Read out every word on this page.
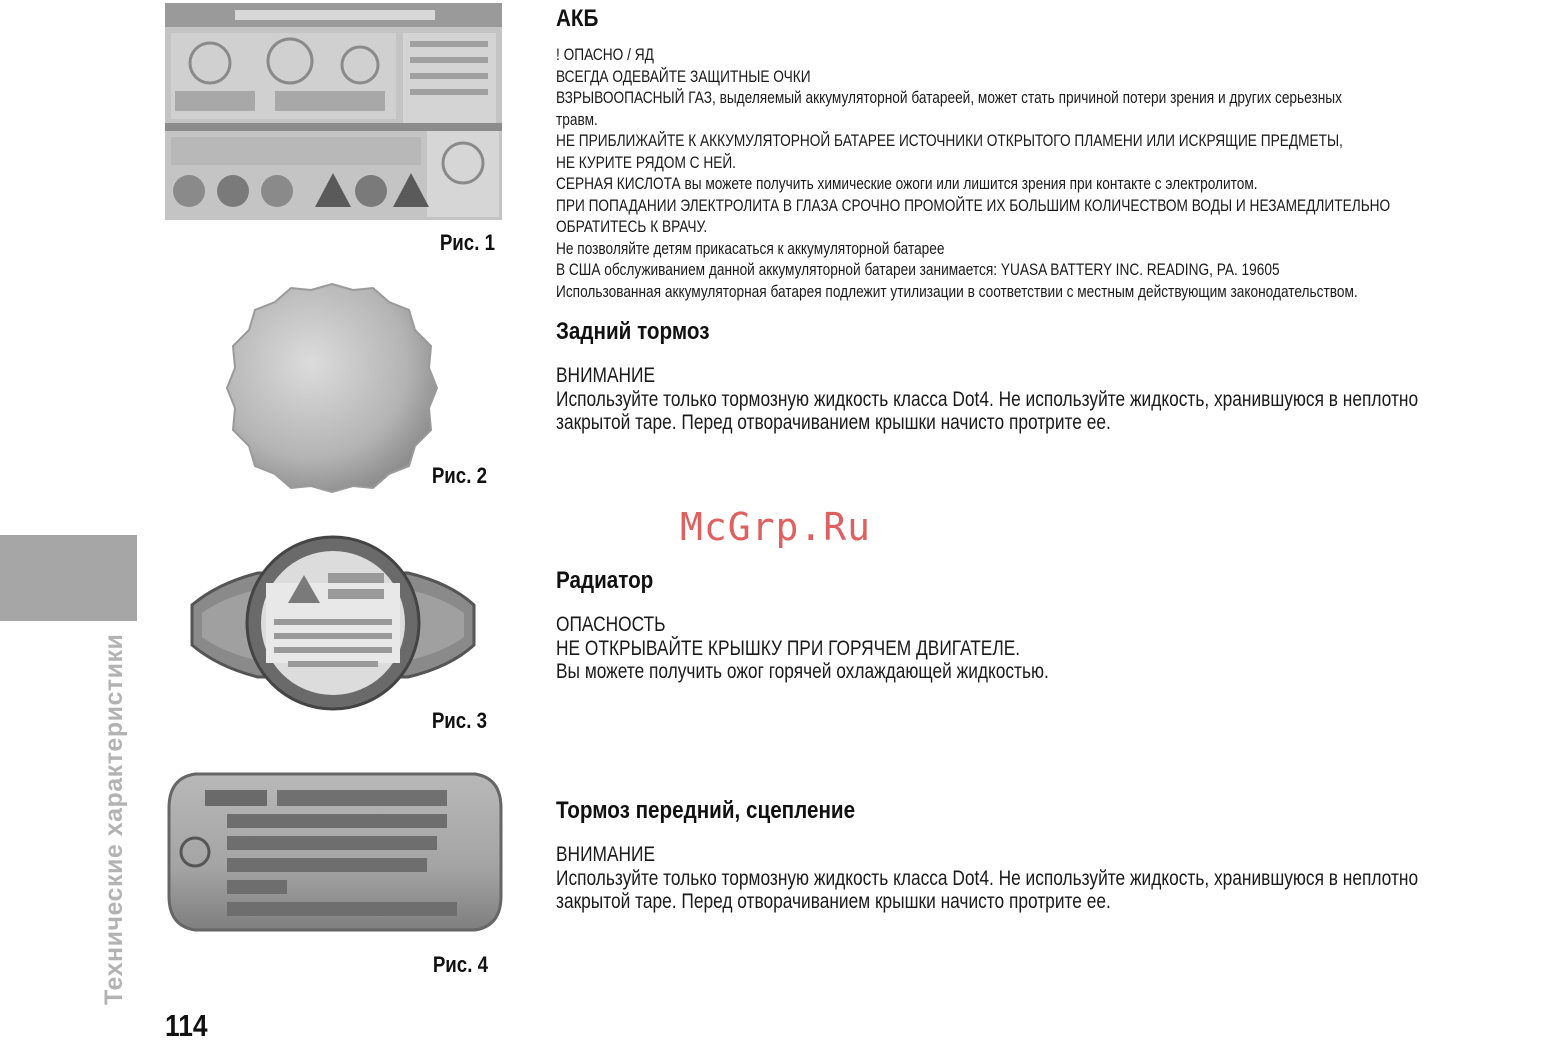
Технические характеристики
114
Рис. 1
Рис. 2
Рис. 3
Рис. 4
McGrp.Ru
АКБ
! ОПАСНО / ЯД
ВСЕГДА ОДЕВАЙТЕ ЗАЩИТНЫЕ ОЧКИ
ВЗРЫВООПАСНЫЙ ГАЗ, выделяемый аккумуляторной батареей, может стать причиной потери зрения и других серьезных
травм.
НЕ ПРИБЛИЖАЙТЕ К АККУМУЛЯТОРНОЙ БАТАРЕЕ ИСТОЧНИКИ ОТКРЫТОГО ПЛАМЕНИ ИЛИ ИСКРЯЩИЕ ПРЕДМЕТЫ,
НЕ КУРИТЕ РЯДОМ С НЕЙ.
СЕРНАЯ КИСЛОТА вы можете получить химические ожоги или лишится зрения при контакте с электролитом.
ПРИ ПОПАДАНИИ ЭЛЕКТРОЛИТА В ГЛАЗА СРОЧНО ПРОМОЙТЕ ИХ БОЛЬШИМ КОЛИЧЕСТВОМ ВОДЫ И НЕЗАМЕДЛИТЕЛЬНО
ОБРАТИТЕСЬ К ВРАЧУ.
Не позволяйте детям прикасаться к аккумуляторной батарее
В США обслуживанием данной аккумуляторной батареи занимается: YUASA BATTERY INC. READING, PA. 19605
Использованная аккумуляторная батарея подлежит утилизации в соответствии с местным действующим законодательством.
Задний тормоз
ВНИМАНИЕ
Используйте только тормозную жидкость класса Dot4. Не используйте жидкость, хранившуюся в неплотно
закрытой таре. Перед отворачиванием крышки начисто протрите ее.
Радиатор
ОПАСНОСТЬ
НЕ ОТКРЫВАЙТЕ КРЫШКУ ПРИ ГОРЯЧЕМ ДВИГАТЕЛЕ.
Вы можете получить ожог горячей охлаждающей жидкостью.
Тормоз передний, сцепление
ВНИМАНИЕ
Используйте только тормозную жидкость класса Dot4. Не используйте жидкость, хранившуюся в неплотно
закрытой таре. Перед отворачиванием крышки начисто протрите ее.
